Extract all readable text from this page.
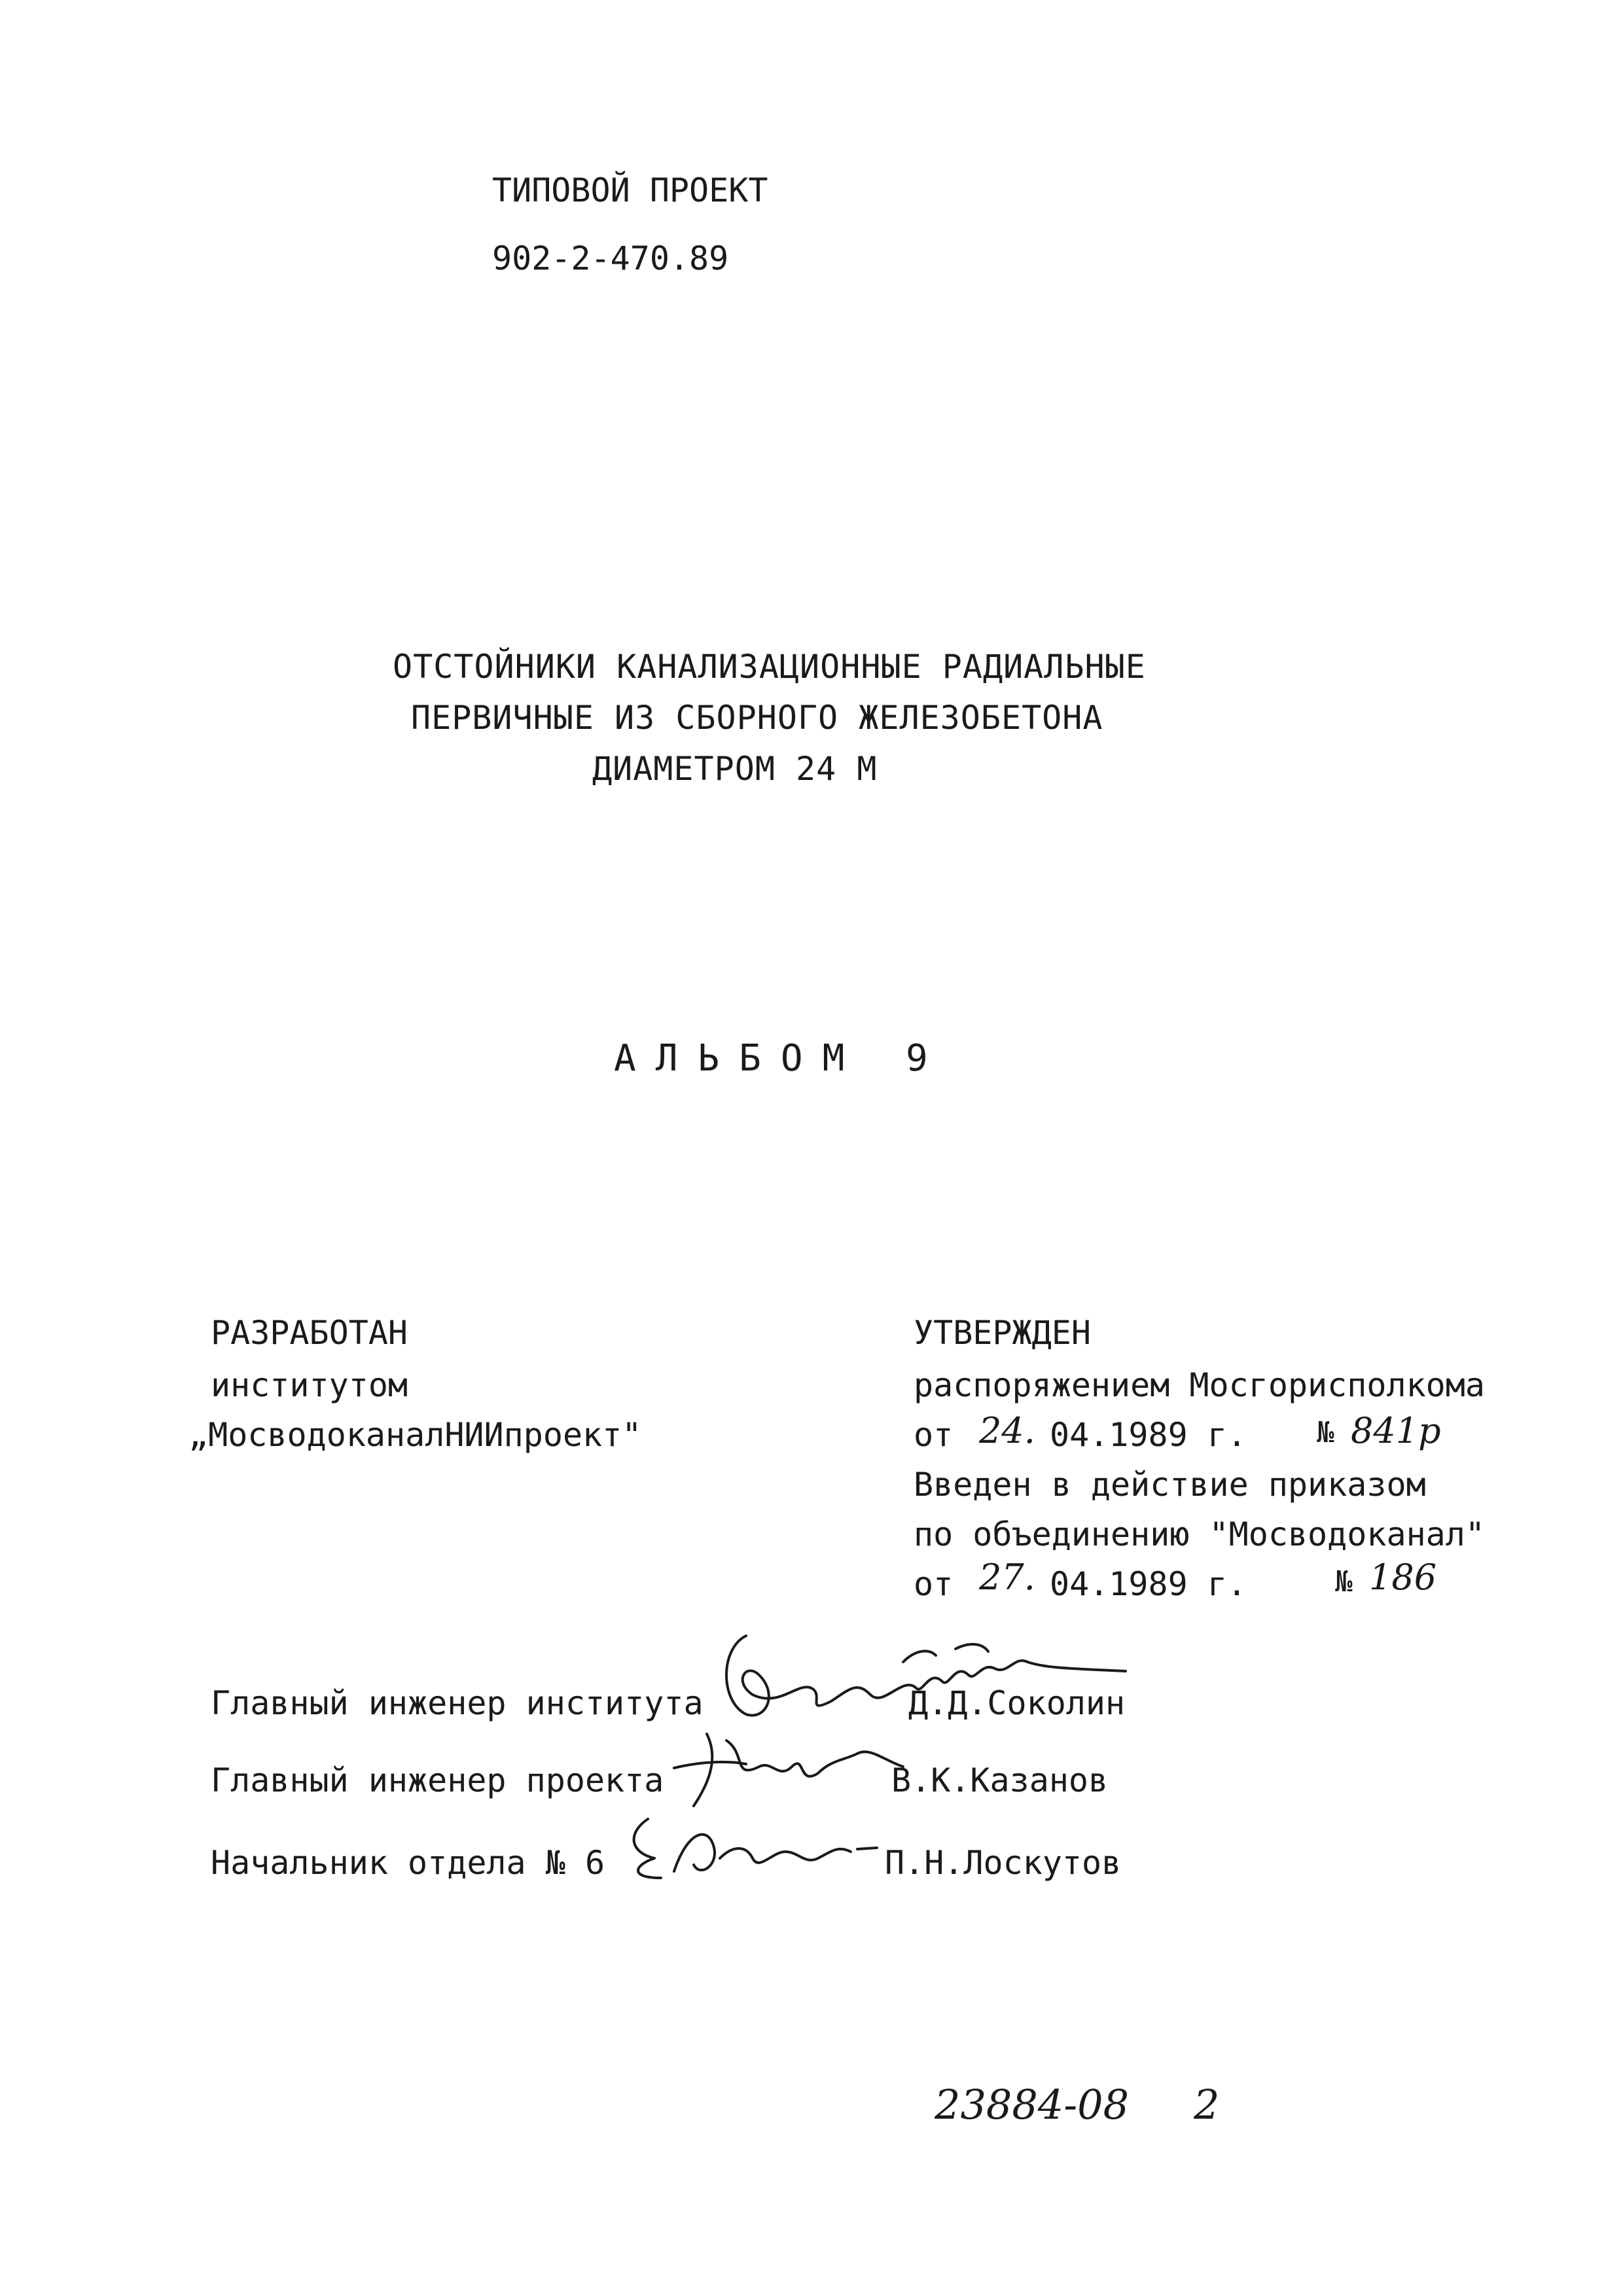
ТИПОВОЙ ПРОЕКТ
902-2-470.89
ОТСТОЙНИКИ КАНАЛИЗАЦИОННЫЕ РАДИАЛЬНЫЕ
ПЕРВИЧНЫЕ ИЗ СБОРНОГО ЖЕЛЕЗОБЕТОНА
ДИАМЕТРОМ 24 М
АЛЬБОМ 9
РАЗРАБОТАН
институтом
„МосводоканалНИИпроект"
УТВЕРЖДЕН
распоряжением Мосгорисполкома
от 24. 04.1989 г. № 841р
Введен в действие приказом
по объединению "Мосводоканал"
от 27. 04.1989 г.	№ 186
Главный инженер института	Д.Д.Соколин
Главный инженер проекта	В.К.Казанов
Начальник отдела № 6	П.Н.Лоскутов
23884-08 2
